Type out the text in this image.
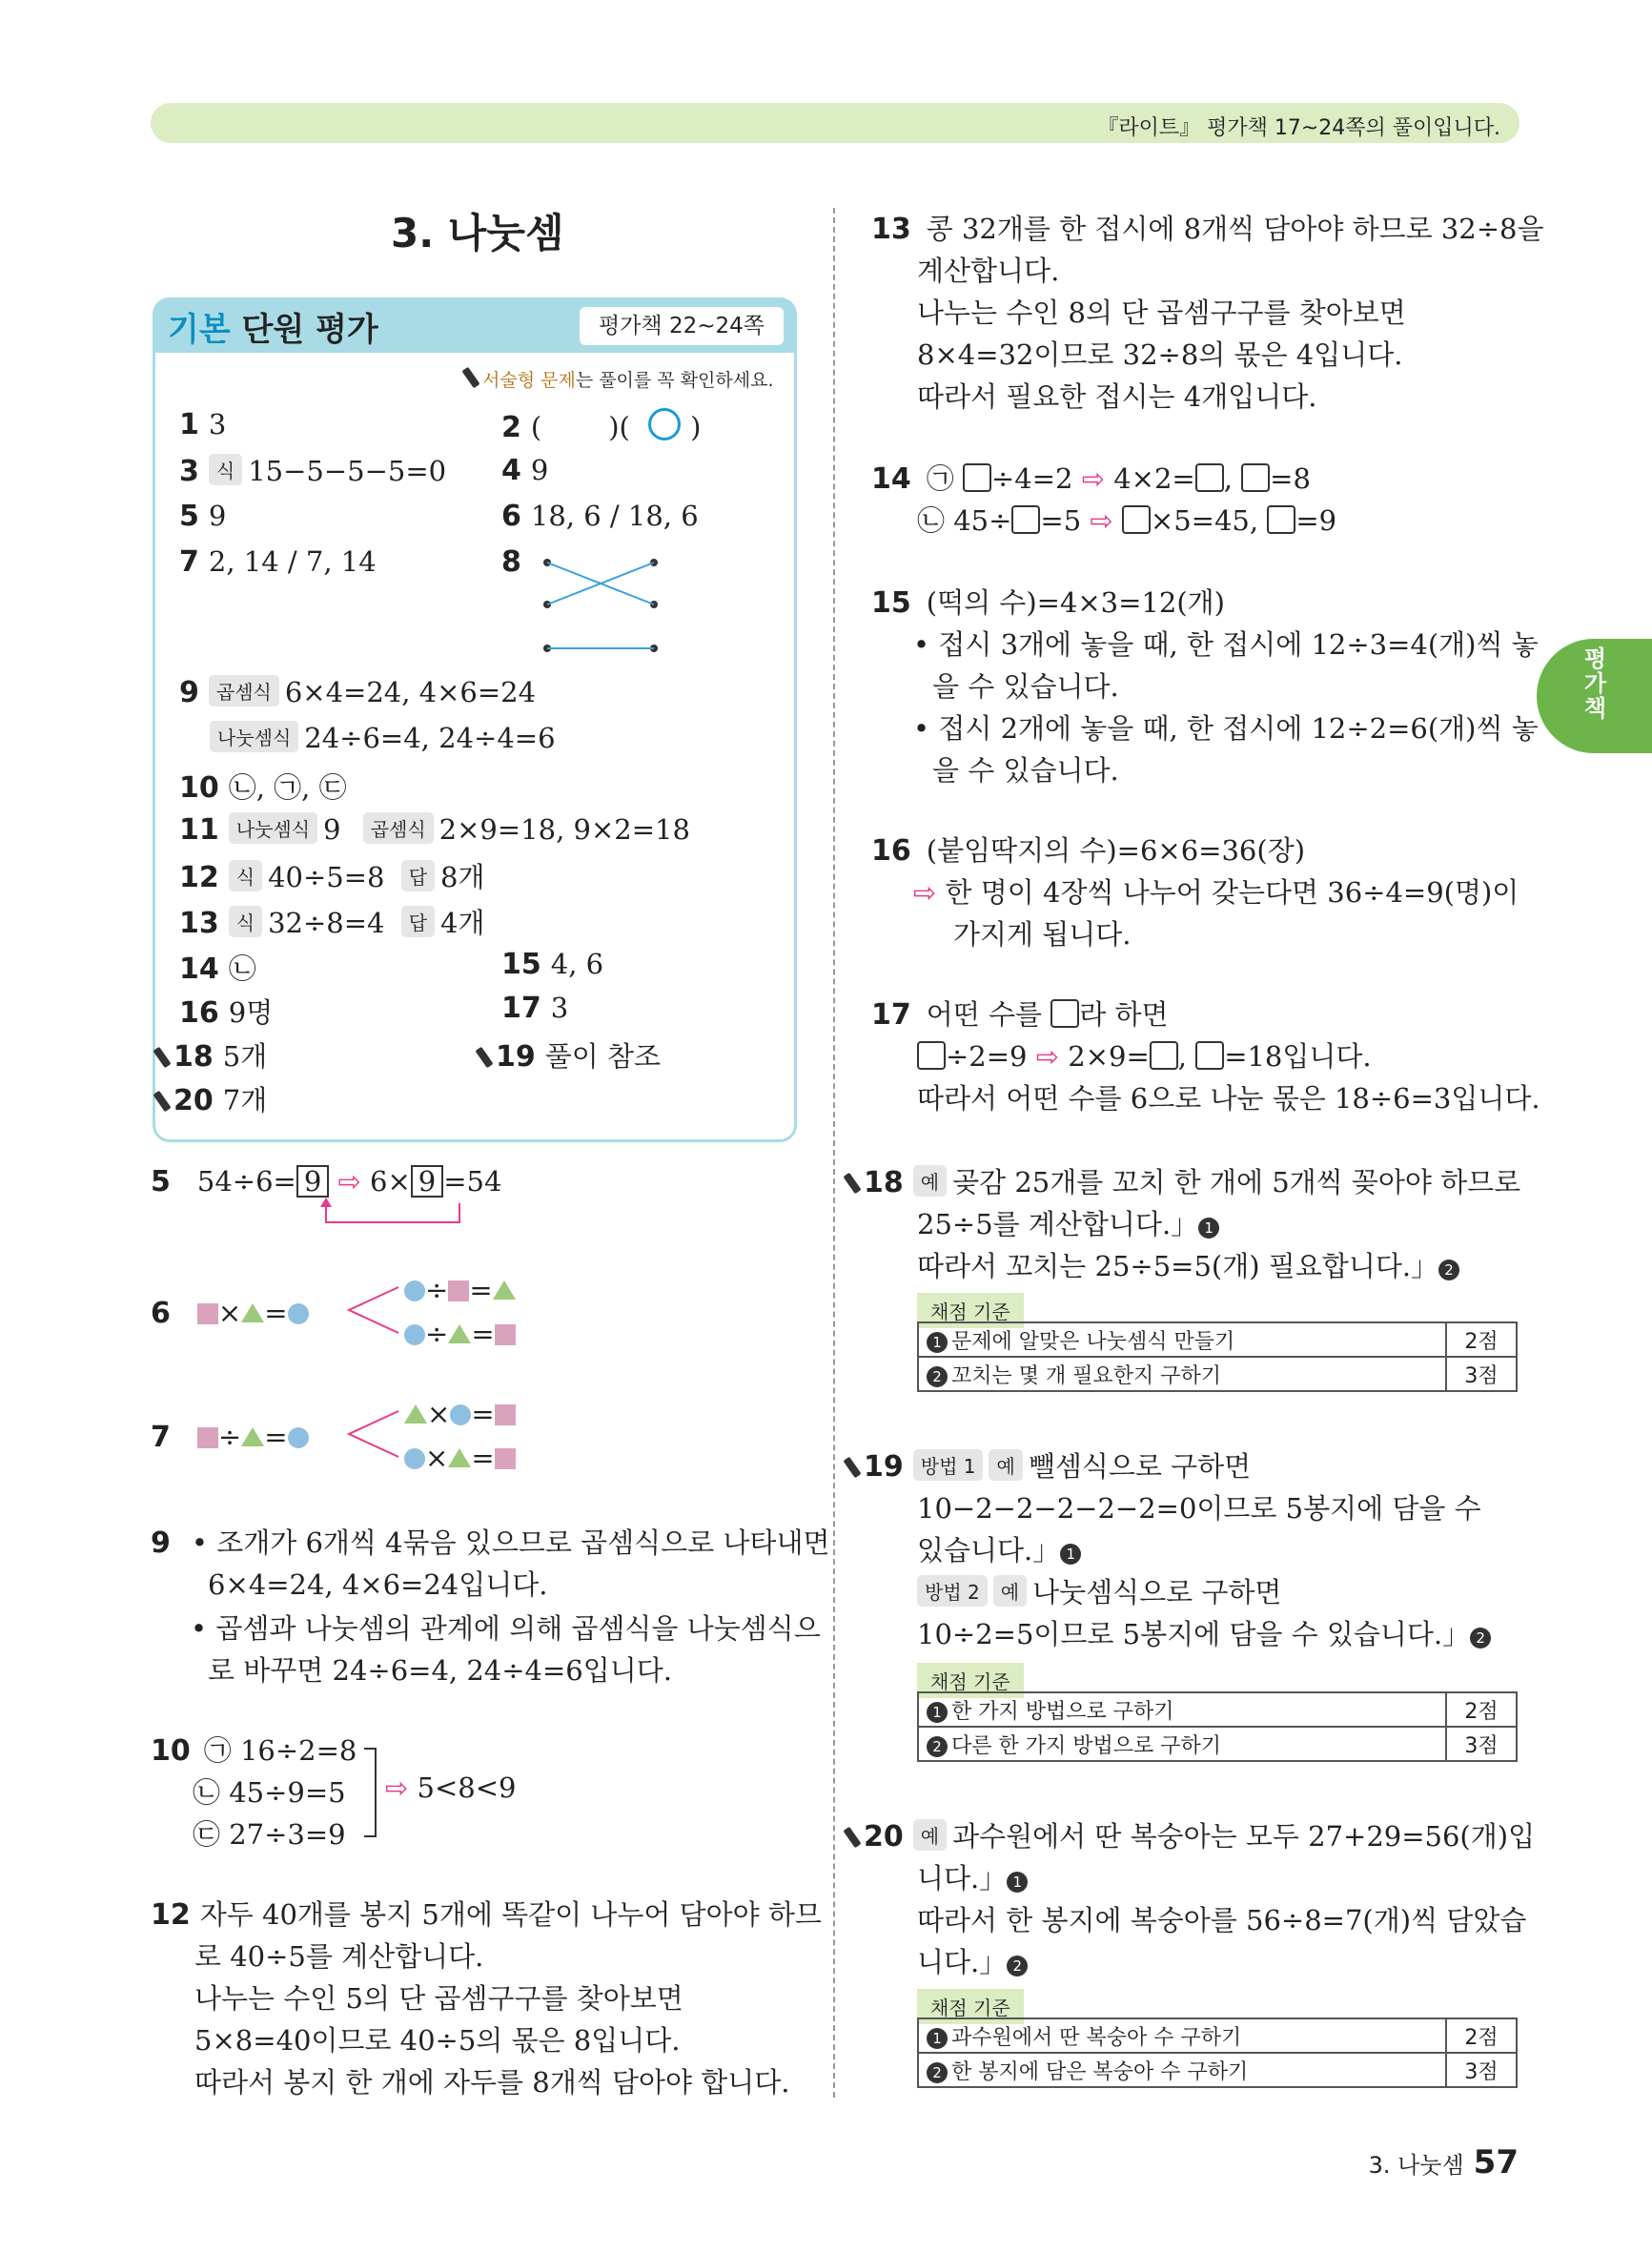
『라이트』 평가책 17~24쪽의 풀이입니다.
3. 나눗셈
기본 단원 평가	평가책 22~24쪽
서술형 문제는 풀이를 꼭 확인하세요.
1 3	2 ( )( ○ )
3 식 15−5−5−5=0 4 9
5 9	6 18, 6 / 18, 6
7 2, 14 / 7, 14	8
9 곱셈식 6×4=24, 4×6=24
나눗셈식 24÷6=4, 24÷4=6
10 ㉡, ㉠, ㉢
11 나눗셈식 9 곱셈식 2×9=18, 9×2=18
12 식 40÷5=8 답 8개
13 식 32÷8=4 답 4개
14 ㉡	15 4, 6
16 9명	17 3
18 5개	19 풀이 참조
20 7개
5 54÷6= 9 ⇨ 6× 9 =54
6 × =
÷ =
÷ =
7 ÷ =
× =
× =
9 • 조개가 6개씩 4묶음 있으므로 곱셈식으로 나타내면
6×4=24, 4×6=24입니다.
• 곱셈과 나눗셈의 관계에 의해 곱셈식을 나눗셈식으
로 바꾸면 24÷6=4, 24÷4=6입니다.
10 ㉠ 16÷2=8
㉡ 45÷9=5
㉢ 27÷3=9
⇨ 5<8<9
12 자두 40개를 봉지 5개에 똑같이 나누어 담아야 하므
로 40÷5를 계산합니다.
나누는 수인 5의 단 곱셈구구를 찾아보면
5×8=40이므로 40÷5의 몫은 8입니다.
따라서 봉지 한 개에 자두를 8개씩 담아야 합니다.
13 콩 32개를 한 접시에 8개씩 담아야 하므로 32÷8을
계산합니다.
나누는 수인 8의 단 곱셈구구를 찾아보면
8×4=32이므로 32÷8의 몫은 4입니다.
따라서 필요한 접시는 4개입니다.
14 ㉠ ÷4=2 ⇨ 4×2= , =8
㉡ 45÷ =5 ⇨ ×5=45, =9
15 (떡의 수)=4×3=12(개)
• 접시 3개에 놓을 때, 한 접시에 12÷3=4(개)씩 놓
을 수 있습니다.
• 접시 2개에 놓을 때, 한 접시에 12÷2=6(개)씩 놓
을 수 있습니다.
16 (붙임딱지의 수)=6×6=36(장)
⇨ 한 명이 4장씩 나누어 갖는다면 36÷4=9(명)이
가지게 됩니다.
17 어떤 수를 라 하면
÷2=9 ⇨ 2×9= , =18입니다.
따라서 어떤 수를 6으로 나눈 몫은 18÷6=3입니다.
18 예 곶감 25개를 꼬치 한 개에 5개씩 꽂아야 하므로
25÷5를 계산합니다.」 1
따라서 꼬치는 25÷5=5(개) 필요합니다.」 2
채점 기준
1 문제에 알맞은 나눗셈식 만들기	2점
2 꼬치는 몇 개 필요한지 구하기	3점
19 방법 1 예 뺄셈식으로 구하면
10−2−2−2−2−2=0이므로 5봉지에 담을 수
있습니다.」 1
방법 2 예 나눗셈식으로 구하면
10÷2=5이므로 5봉지에 담을 수 있습니다.」 2
채점 기준
1 한 가지 방법으로 구하기	2점
2 다른 한 가지 방법으로 구하기	3점
20 예 과수원에서 딴 복숭아는 모두 27+29=56(개)입
니다.」 1
따라서 한 봉지에 복숭아를 56÷8=7(개)씩 담았습
니다.」 2
채점 기준
1 과수원에서 딴 복숭아 수 구하기	2점
2 한 봉지에 담은 복숭아 수 구하기	3점
평가책
3. 나눗셈 57
